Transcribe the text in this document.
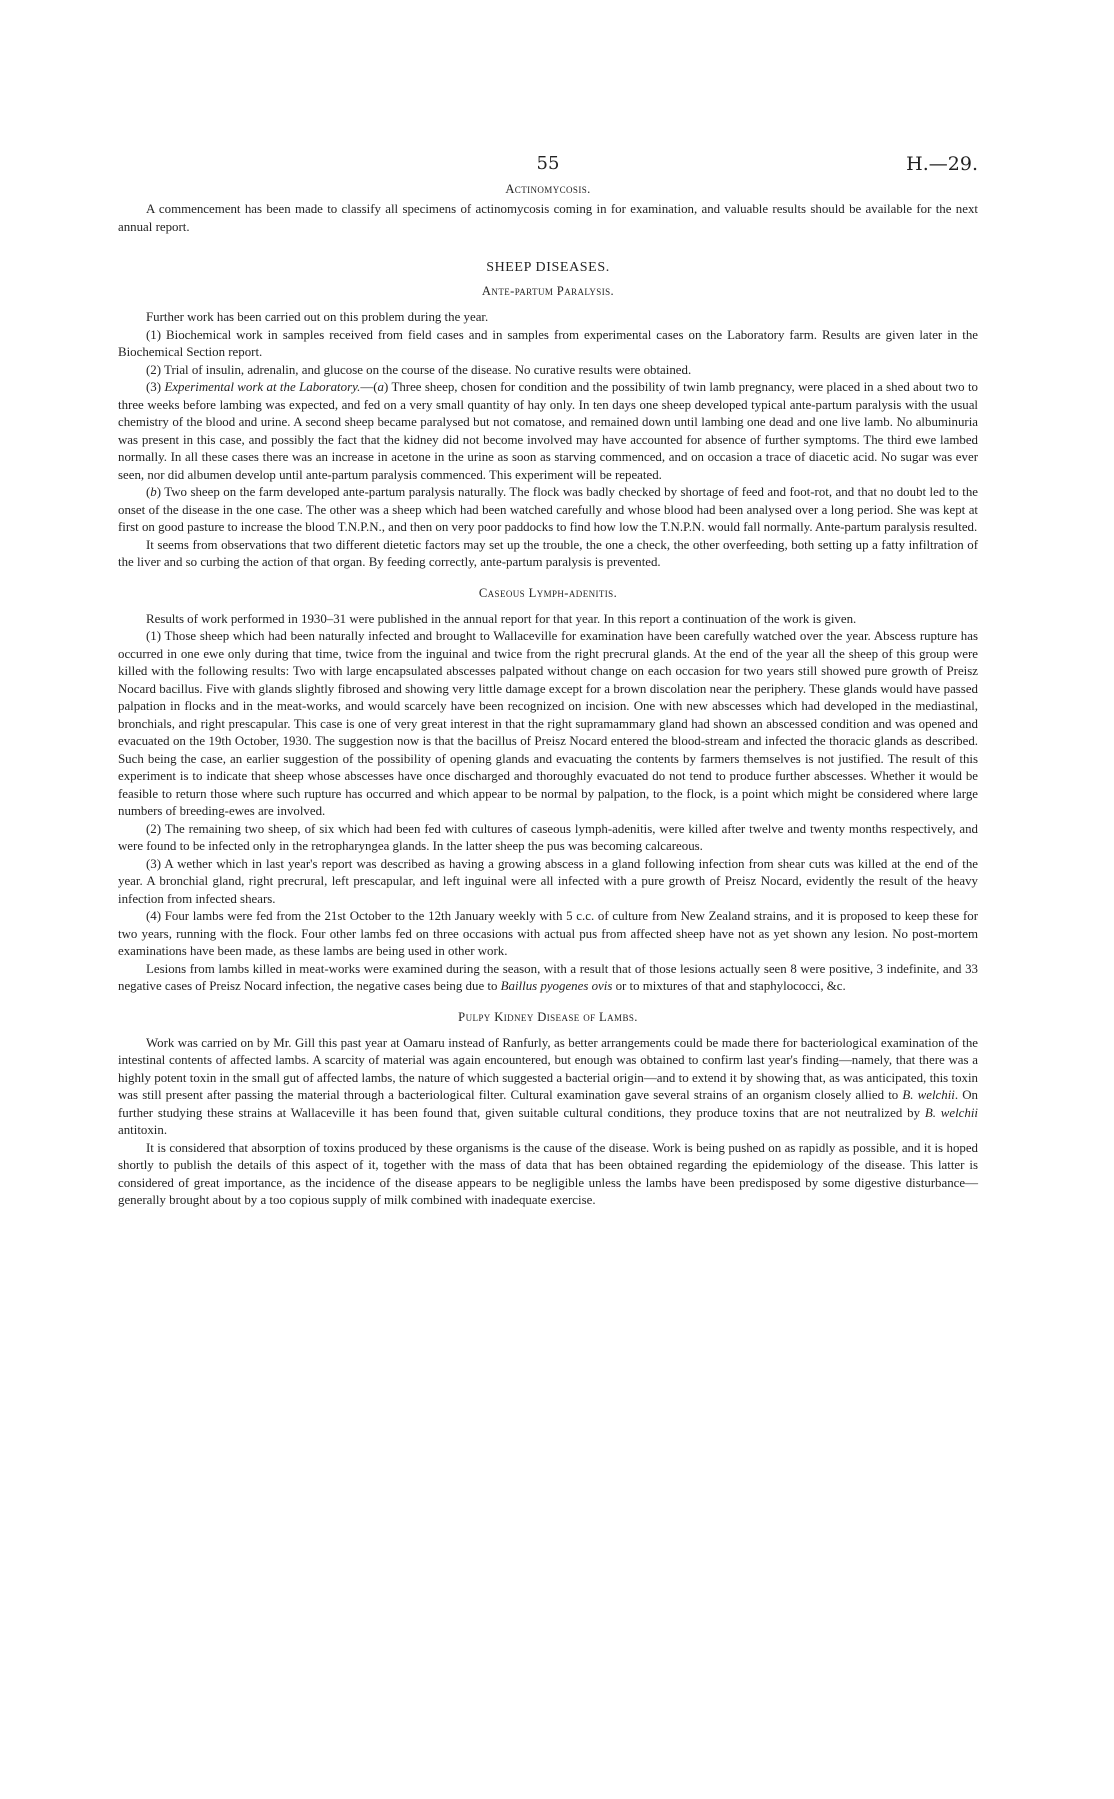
55	H.—29.

Actinomycosis.

A commencement has been made to classify all specimens of actinomycosis coming in for examination, and valuable results should be available for the next annual report.

SHEEP DISEASES.

Ante-partum Paralysis.

Further work has been carried out on this problem during the year.

(1) Biochemical work in samples received from field cases and in samples from experimental cases on the Laboratory farm. Results are given later in the Biochemical Section report.

(2) Trial of insulin, adrenalin, and glucose on the course of the disease. No curative results were obtained.

(3) Experimental work at the Laboratory.—(a) Three sheep, chosen for condition and the possibility of twin lamb pregnancy, were placed in a shed about two to three weeks before lambing was expected, and fed on a very small quantity of hay only. In ten days one sheep developed typical ante-partum paralysis with the usual chemistry of the blood and urine. A second sheep became paralysed but not comatose, and remained down until lambing one dead and one live lamb. No albuminuria was present in this case, and possibly the fact that the kidney did not become involved may have accounted for absence of further symptoms. The third ewe lambed normally. In all these cases there was an increase in acetone in the urine as soon as starving commenced, and on occasion a trace of diacetic acid. No sugar was ever seen, nor did albumen develop until ante-partum paralysis commenced. This experiment will be repeated.

(b) Two sheep on the farm developed ante-partum paralysis naturally. The flock was badly checked by shortage of feed and foot-rot, and that no doubt led to the onset of the disease in the one case. The other was a sheep which had been watched carefully and whose blood had been analysed over a long period. She was kept at first on good pasture to increase the blood T.N.P.N., and then on very poor paddocks to find how low the T.N.P.N. would fall normally. Ante-partum paralysis resulted.

It seems from observations that two different dietetic factors may set up the trouble, the one a check, the other overfeeding, both setting up a fatty infiltration of the liver and so curbing the action of that organ. By feeding correctly, ante-partum paralysis is prevented.

Caseous Lymph-adenitis.

Results of work performed in 1930–31 were published in the annual report for that year. In this report a continuation of the work is given.

(1) Those sheep which had been naturally infected and brought to Wallaceville for examination have been carefully watched over the year. Abscess rupture has occurred in one ewe only during that time, twice from the inguinal and twice from the right precrural glands. At the end of the year all the sheep of this group were killed with the following results: Two with large encapsulated abscesses palpated without change on each occasion for two years still showed pure growth of Preisz Nocard bacillus. Five with glands slightly fibrosed and showing very little damage except for a brown discolation near the periphery. These glands would have passed palpation in flocks and in the meat-works, and would scarcely have been recognized on incision. One with new abscesses which had developed in the mediastinal, bronchials, and right prescapular. This case is one of very great interest in that the right supramammary gland had shown an abscessed condition and was opened and evacuated on the 19th October, 1930. The suggestion now is that the bacillus of Preisz Nocard entered the blood-stream and infected the thoracic glands as described. Such being the case, an earlier suggestion of the possibility of opening glands and evacuating the contents by farmers themselves is not justified. The result of this experiment is to indicate that sheep whose abscesses have once discharged and thoroughly evacuated do not tend to produce further abscesses. Whether it would be feasible to return those where such rupture has occurred and which appear to be normal by palpation, to the flock, is a point which might be considered where large numbers of breeding-ewes are involved.

(2) The remaining two sheep, of six which had been fed with cultures of caseous lymph-adenitis, were killed after twelve and twenty months respectively, and were found to be infected only in the retropharyngea glands. In the latter sheep the pus was becoming calcareous.

(3) A wether which in last year's report was described as having a growing abscess in a gland following infection from shear cuts was killed at the end of the year. A bronchial gland, right precrural, left prescapular, and left inguinal were all infected with a pure growth of Preisz Nocard, evidently the result of the heavy infection from infected shears.

(4) Four lambs were fed from the 21st October to the 12th January weekly with 5 c.c. of culture from New Zealand strains, and it is proposed to keep these for two years, running with the flock. Four other lambs fed on three occasions with actual pus from affected sheep have not as yet shown any lesion. No post-mortem examinations have been made, as these lambs are being used in other work.

Lesions from lambs killed in meat-works were examined during the season, with a result that of those lesions actually seen 8 were positive, 3 indefinite, and 33 negative cases of Preisz Nocard infection, the negative cases being due to Baillus pyogenes ovis or to mixtures of that and staphylococci, &c.

Pulpy Kidney Disease of Lambs.

Work was carried on by Mr. Gill this past year at Oamaru instead of Ranfurly, as better arrangements could be made there for bacteriological examination of the intestinal contents of affected lambs. A scarcity of material was again encountered, but enough was obtained to confirm last year's finding—namely, that there was a highly potent toxin in the small gut of affected lambs, the nature of which suggested a bacterial origin—and to extend it by showing that, as was anticipated, this toxin was still present after passing the material through a bacteriological filter. Cultural examination gave several strains of an organism closely allied to B. welchii. On further studying these strains at Wallaceville it has been found that, given suitable cultural conditions, they produce toxins that are not neutralized by B. welchii antitoxin.

It is considered that absorption of toxins produced by these organisms is the cause of the disease. Work is being pushed on as rapidly as possible, and it is hoped shortly to publish the details of this aspect of it, together with the mass of data that has been obtained regarding the epidemiology of the disease. This latter is considered of great importance, as the incidence of the disease appears to be negligible unless the lambs have been predisposed by some digestive disturbance—generally brought about by a too copious supply of milk combined with inadequate exercise.
